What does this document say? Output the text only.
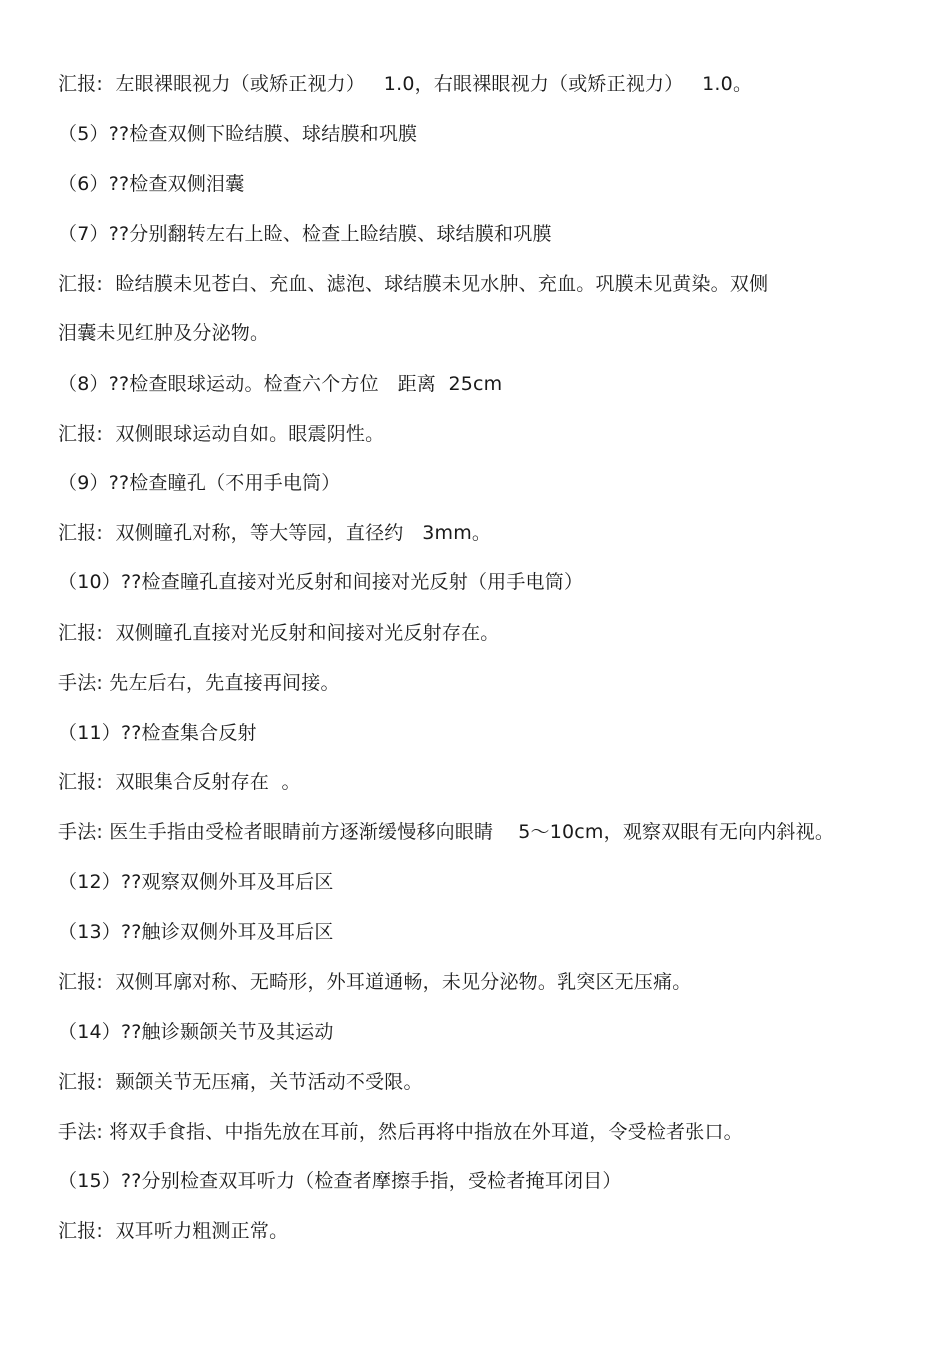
汇报:  左眼裸眼视力（或矫正视力）   1.0，右眼裸眼视力（或矫正视力）   1.0。
（5）??检查双侧下睑结膜、球结膜和巩膜
（6）??检查双侧泪囊
（7）??分别翻转左右上睑、检查上睑结膜、球结膜和巩膜
汇报:  睑结膜未见苍白、充血、滤泡、球结膜未见水肿、充血。巩膜未见黄染。双侧
泪囊未见红肿及分泌物。
（8）??检查眼球运动。检查六个方位   距离  25cm
汇报:  双侧眼球运动自如。眼震阴性。
（9）??检查瞳孔（不用手电筒）
汇报:  双侧瞳孔对称，等大等园，直径约   3mm。
（10）??检查瞳孔直接对光反射和间接对光反射（用手电筒）
汇报:  双侧瞳孔直接对光反射和间接对光反射存在。
手法: 先左后右，先直接再间接。
（11）??检查集合反射
汇报:  双眼集合反射存在  。
手法: 医生手指由受检者眼睛前方逐渐缓慢移向眼睛    5～10cm，观察双眼有无向内斜视。
（12）??观察双侧外耳及耳后区
（13）??触诊双侧外耳及耳后区
汇报:  双侧耳廓对称、无畸形，外耳道通畅，未见分泌物。乳突区无压痛。
（14）??触诊颞颌关节及其运动
汇报:  颞颌关节无压痛，关节活动不受限。
手法: 将双手食指、中指先放在耳前，然后再将中指放在外耳道，令受检者张口。
（15）??分别检查双耳听力（检查者摩擦手指，受检者掩耳闭目）
汇报:  双耳听力粗测正常。
